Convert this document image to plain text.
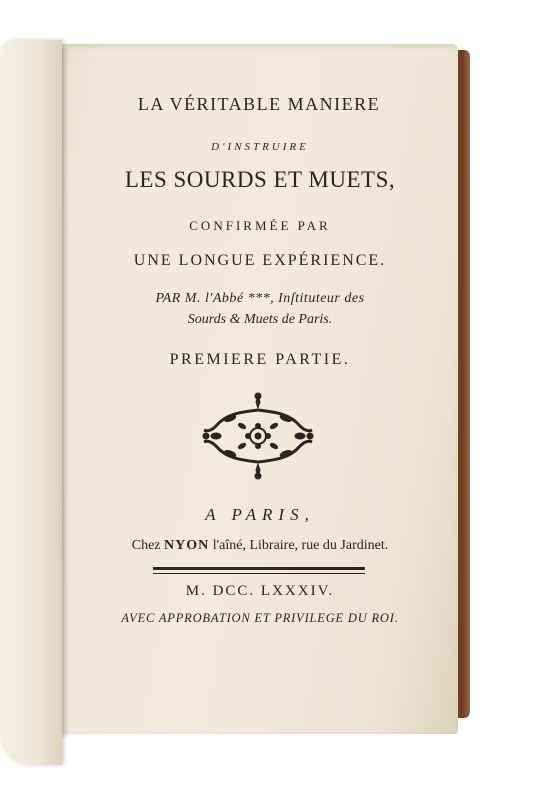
LA VÉRITABLE MANIERE
D'INSTRUIRE
LES SOURDS ET MUETS,
CONFIRMÉE PAR
UNE LONGUE EXPÉRIENCE.
PAR M. l'Abbé ***, Inſtituteur des
Sourds & Muets de Paris.
PREMIERE PARTIE.
A PARIS,
Chez NYON l'aîné, Libraire, rue du Jardinet.
M. DCC. LXXXIV.
AVEC APPROBATION ET PRIVILEGE DU ROI.
